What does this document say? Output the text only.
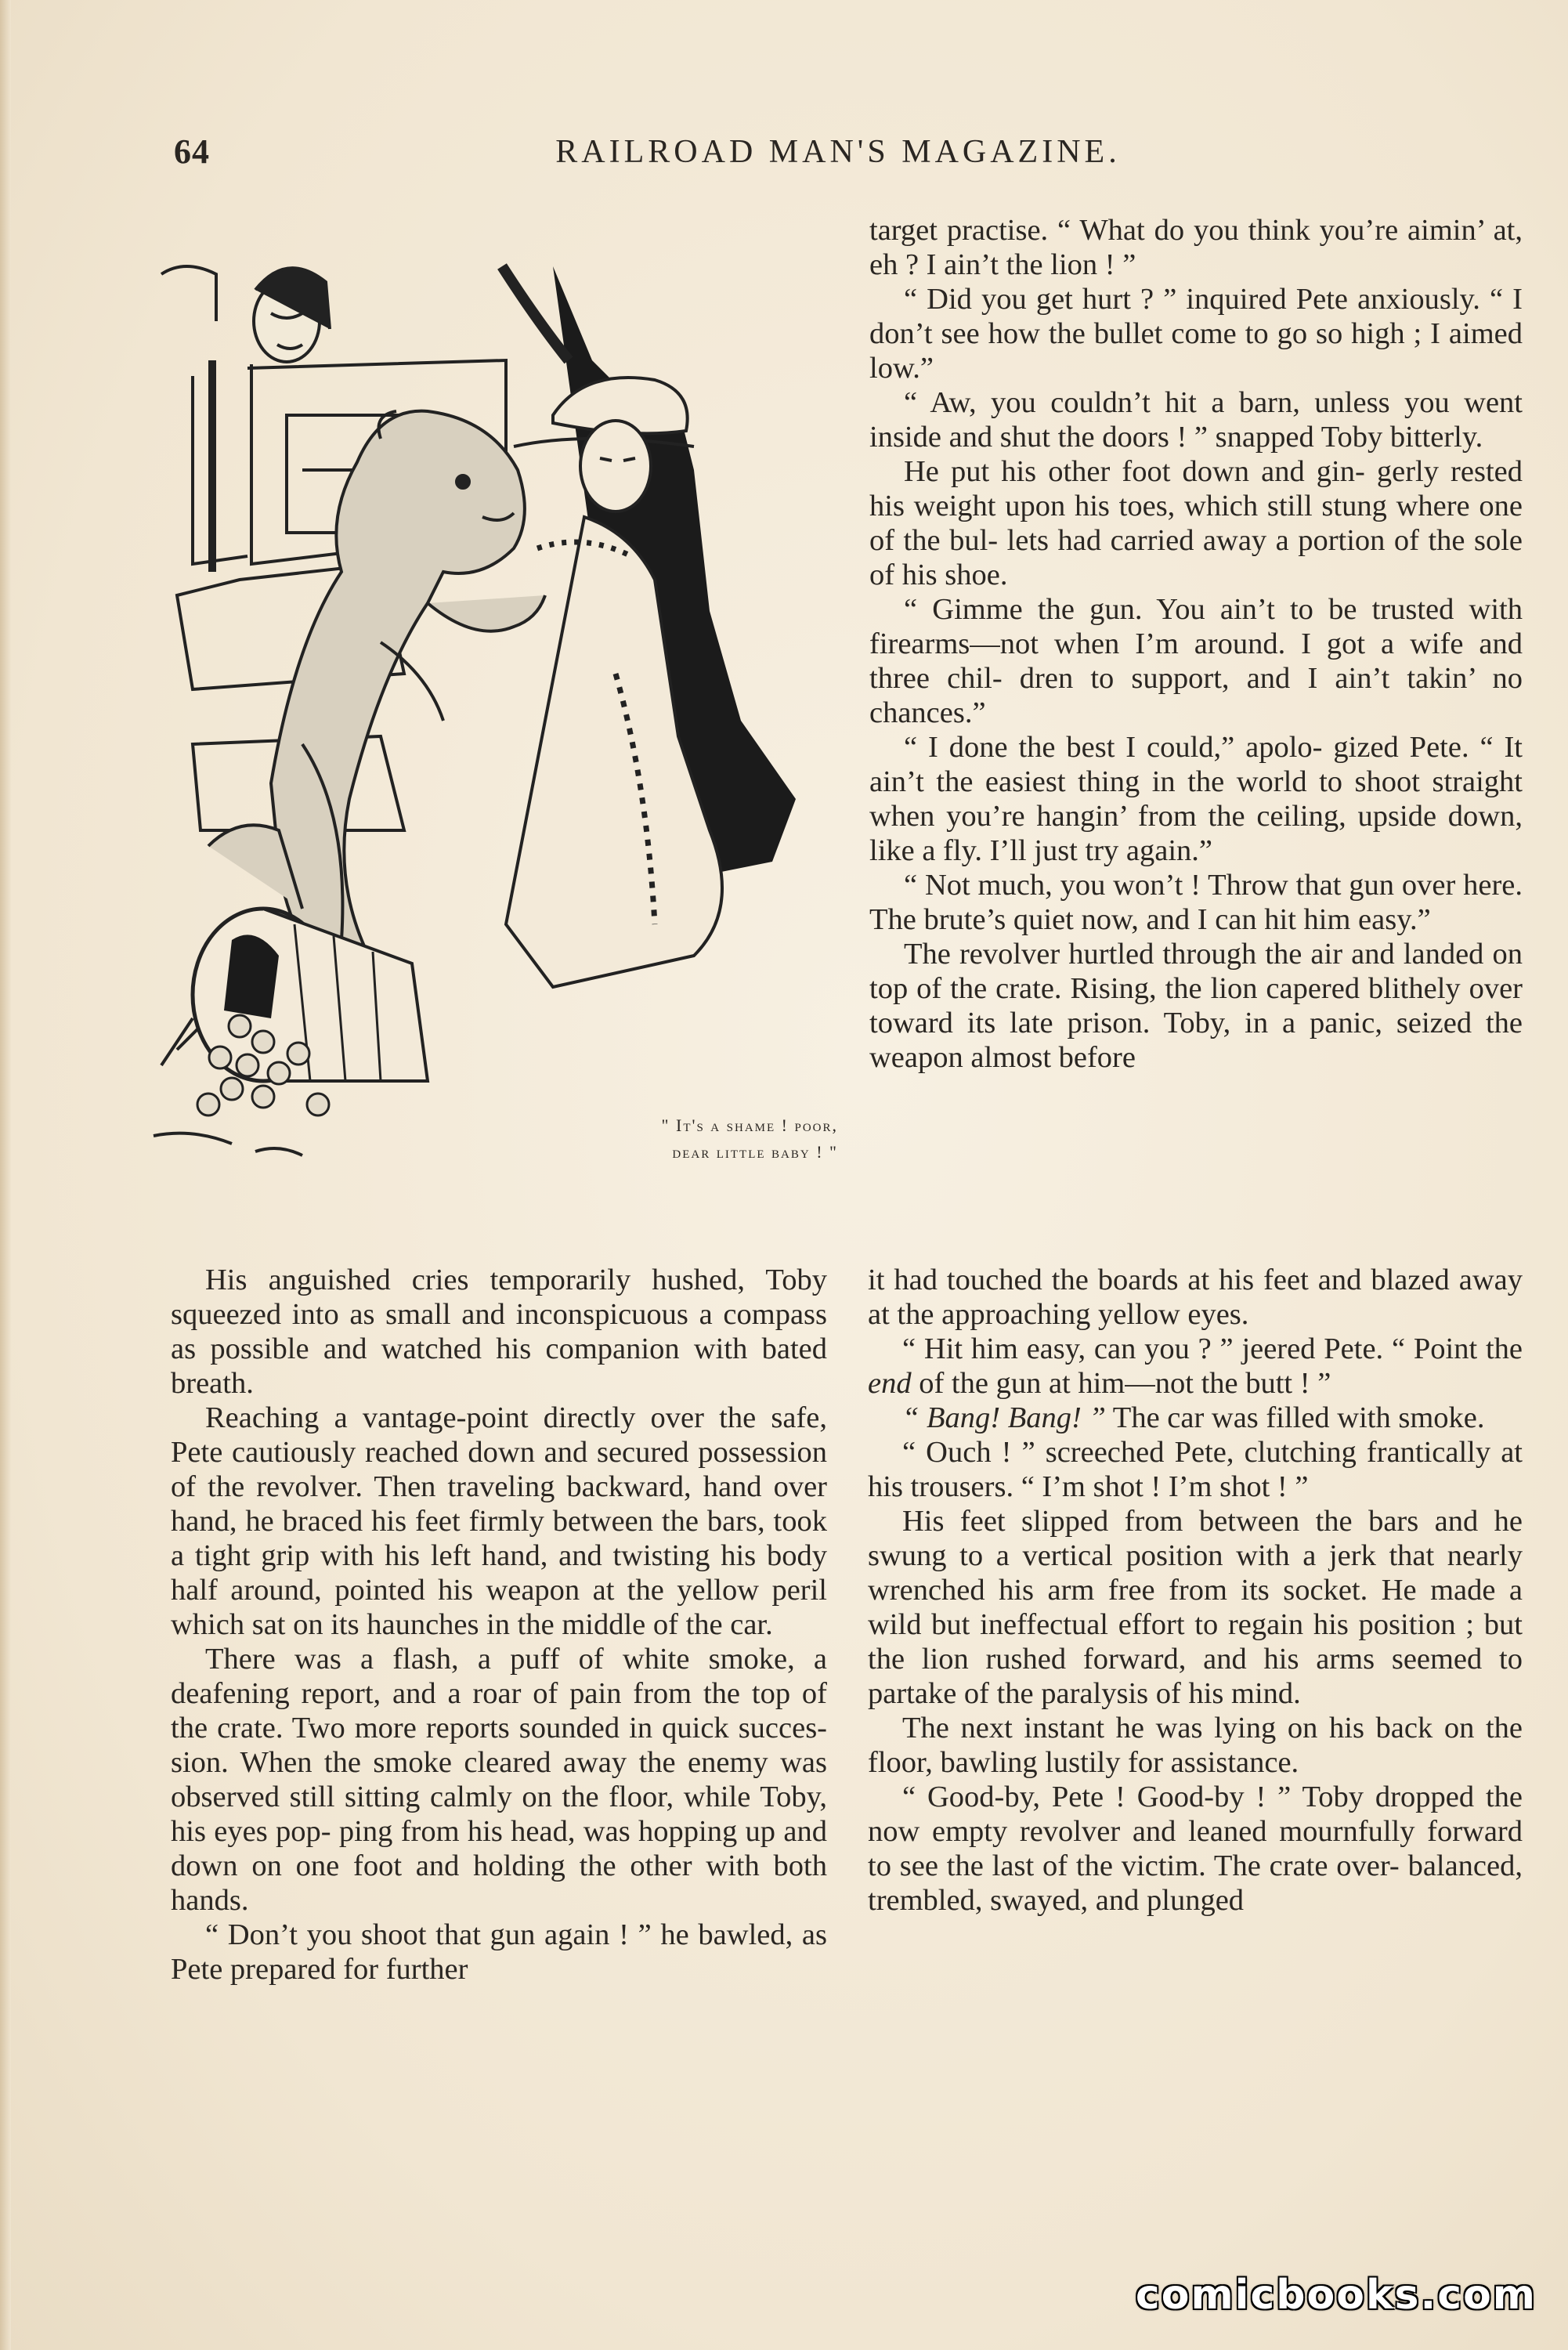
64	RAILROAD MAN'S MAGAZINE.
" It's a shame ! poor,
dear little baby ! "

target practise. “ What do you think you’re aimin’ at, eh ? I ain’t the lion ! ”

“ Did you get hurt ? ” inquired Pete anxiously. “ I don’t see how the bullet come to go so high ; I aimed low.”

“ Aw, you couldn’t hit a barn, unless you went inside and shut the doors ! ” snapped Toby bitterly.

He put his other foot down and gin- gerly rested his weight upon his toes, which still stung where one of the bul- lets had carried away a portion of the sole of his shoe.

“ Gimme the gun. You ain’t to be trusted with firearms—not when I’m around. I got a wife and three chil- dren to support, and I ain’t takin’ no chances.”

“ I done the best I could,” apolo- gized Pete. “ It ain’t the easiest thing in the world to shoot straight when you’re hangin’ from the ceiling, upside down, like a fly. I’ll just try again.”

“ Not much, you won’t ! Throw that gun over here. The brute’s quiet now, and I can hit him easy.”

The revolver hurtled through the air and landed on top of the crate. Rising, the lion capered blithely over toward its late prison. Toby, in a panic, seized the weapon almost before

His anguished cries temporarily hushed, Toby squeezed into as small and inconspicuous a compass as possible and watched his companion with bated breath.

Reaching a vantage-point directly over the safe, Pete cautiously reached down and secured possession of the revolver. Then traveling backward, hand over hand, he braced his feet firmly between the bars, took a tight grip with his left hand, and twisting his body half around, pointed his weapon at the yellow peril which sat on its haunches in the middle of the car.

There was a flash, a puff of white smoke, a deafening report, and a roar of pain from the top of the crate. Two more reports sounded in quick succes- sion. When the smoke cleared away the enemy was observed still sitting calmly on the floor, while Toby, his eyes pop- ping from his head, was hopping up and down on one foot and holding the other with both hands.

“ Don’t you shoot that gun again ! ” he bawled, as Pete prepared for further

it had touched the boards at his feet and blazed away at the approaching yellow eyes.

“ Hit him easy, can you ? ” jeered Pete. “ Point the end of the gun at him—not the butt ! ”

“ Bang! Bang! ” The car was filled with smoke.

“ Ouch ! ” screeched Pete, clutching frantically at his trousers. “ I’m shot ! I’m shot ! ”

His feet slipped from between the bars and he swung to a vertical position with a jerk that nearly wrenched his arm free from its socket. He made a wild but ineffectual effort to regain his position ; but the lion rushed forward, and his arms seemed to partake of the paralysis of his mind.

The next instant he was lying on his back on the floor, bawling lustily for assistance.

“ Good-by, Pete ! Good-by ! ” Toby dropped the now empty revolver and leaned mournfully forward to see the last of the victim. The crate over- balanced, trembled, swayed, and plunged

comicbooks.com
